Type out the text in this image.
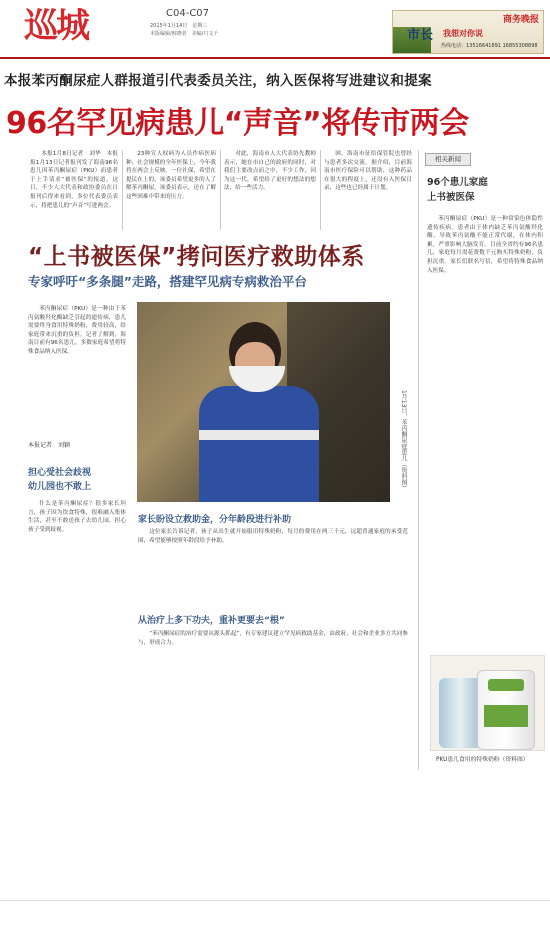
巡城	C04-C07
2015年1月14日　星期三
本版编辑/韩晓者　美编/只文千
商务晚报
市长 我想对你说
热线电话：13516641891 16855308898
本报苯丙酮尿症人群报道引代表委员关注，纳入医保将写进建议和提案
96名罕见病患儿“声音”将传市两会

本报1月8日记者　刘华　本报报1月13日记者报刊发了海南96名患儿因苯丙酮尿症（PKU）而患者于上手请求“被医保”的报道，这日，不少人大代表和政协委员在日报刊后得来看到，多位代表委员表示，将把患儿的“声音”写进两会。

23种宣人权病为人员作病医病种、社会规模的全年医保上，今年我将在两会上反映。一位社保，希望在提民在上的，该委员希望更多的人了解苯丙酮尿。该委员表示，还在了解这些困难中带来的压力。

对此，海南市人大代表协先教师表示，她在市自己的政府的同时，对我们主要改点而之中，不少工作，因为这一代，希望给了更好的想法的想法，给一些活力。

困，海南市征给保管院也曾经与患者多次交流。据介绍，目前海南市医疗保险可以帮助，这种药品在很大的程度上，还没有入医保目录，这些也已经属于计划。

“上书被医保”拷问医疗救助体系
专家呼吁“多条腿”走路，搭建罕见病专病救治平台

苯丙酮尿症（PKU）是一种由于苯丙氨酸羟化酶缺乏引起的遗传病，患儿需要终身食用特殊奶粉，费用较高，给家庭带来沉重的负担。记者了解到，海南目前有96名患儿，多数家庭希望将特殊食品纳入医保。

本报记者　刘颖	1月13日，苯丙酮尿症患儿（资料图）
担心受社会歧视
幼儿园也不敢上

什么是苯丙酮尿症？很多家长坦言，孩子因为饮食特殊，很难融入集体生活，甚至不敢送孩子去幼儿园，担心孩子受到歧视。

家长盼设立救助金，分年龄段进行补助

这位家长告诉记者，孩子从出生就开始服用特殊奶粉，每月的费用在两三千元，远超普通家庭的承受范围，希望能够按照年龄段给予补助。

从治疗上多下功夫，重补更要去“根”

“苯丙酮尿症的治疗需要从源头抓起”，有专家建议建立罕见病救助基金，由政府、社会和企业多方共同参与，形成合力。

相关新闻
96个患儿家庭
上书被医保

苯丙酮尿症（PKU）是一种常染色体隐性遗传疾病。患者由于体内缺乏苯丙氨酸羟化酶，导致苯丙氨酸不能正常代谢，在体内积累，严重影响大脑发育。目前全省约有96名患儿，家庭每月需花费数千元购买特殊奶粉，负担沉重。家长们联名写信，希望将特殊食品纳入医保。

PKU患儿食用的特殊奶粉（资料图）
